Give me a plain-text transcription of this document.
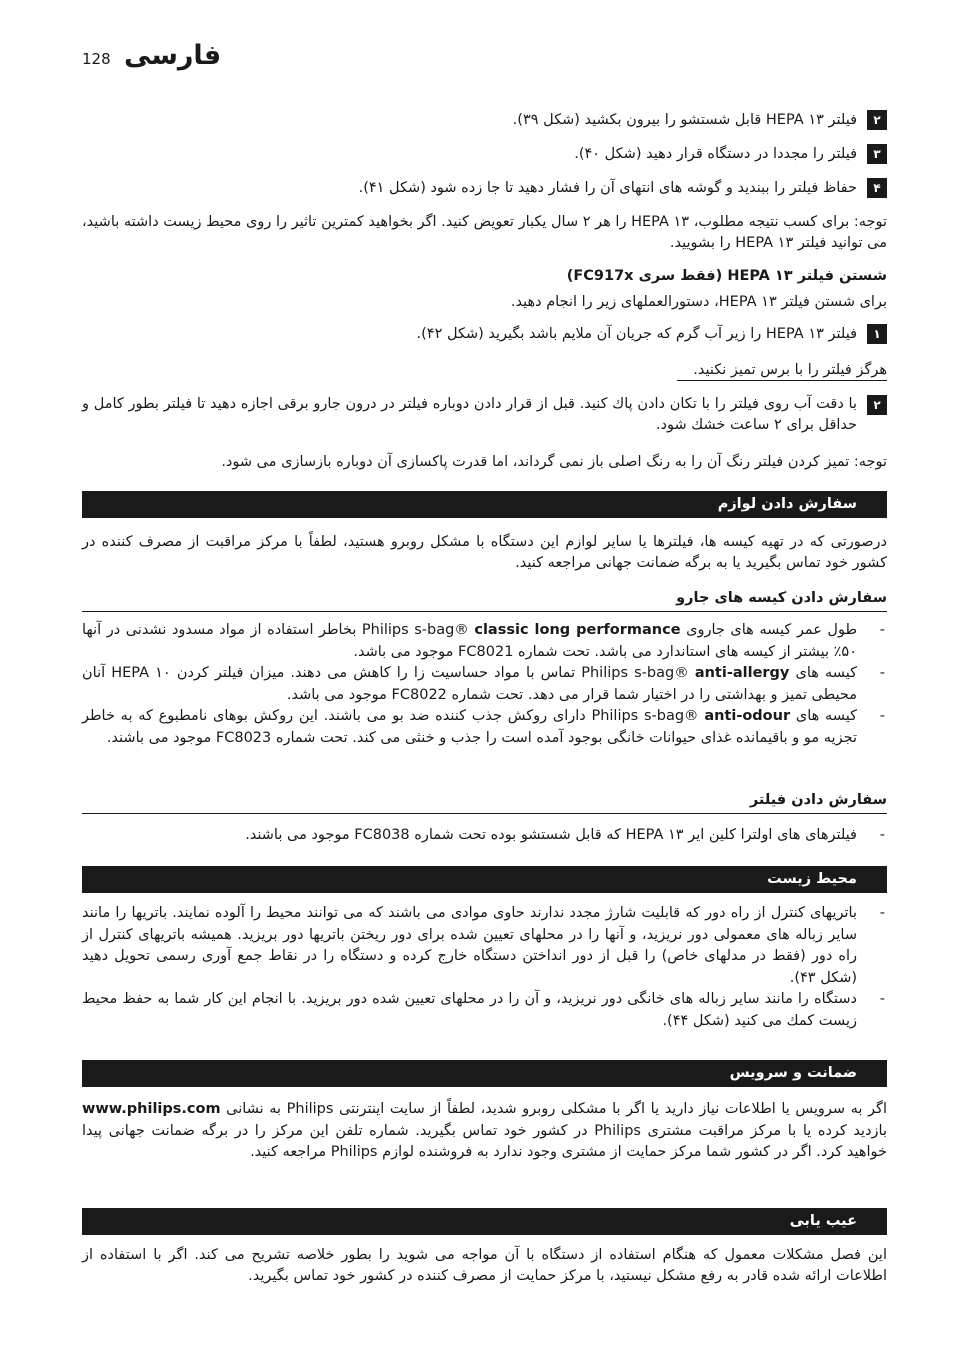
فارسی
128
۲
فیلتر HEPA ۱۳ قابل شستشو را بیرون بکشید (شکل ۳۹).
۳
فیلتر را مجددا در دستگاه قرار دهید (شکل ۴۰).
۴
حفاظ فیلتر را ببندید و گوشه های انتهای آن را فشار دهید تا جا زده شود (شکل ۴۱).
توجه: برای کسب نتیجه مطلوب، HEPA ۱۳ را هر ۲ سال یکبار تعویض کنید. اگر بخواهید کمترین تاثیر را روی محیط زیست داشته باشید، می توانید فیلتر HEPA ۱۳ را بشویید.
شستن فیلتر HEPA ۱۳ (فقط سری FC917x)
برای شستن فیلتر HEPA ۱۳، دستورالعملهای زیر را انجام دهید.
۱
فیلتر HEPA ۱۳ را زیر آب گرم که جریان آن ملایم باشد بگیرید (شکل ۴۲).
هرگز فیلتر را با برس تمیز نکنید.
۲
با دقت آب روی فیلتر را با تکان دادن پاك کنید. قبل از قرار دادن دوباره فیلتر در درون جارو برقی اجازه دهید تا فیلتر بطور کامل و حداقل برای ۲ ساعت خشك شود.
توجه: تمیز کردن فیلتر رنگ آن را به رنگ اصلی باز نمی گرداند، اما قدرت پاکسازی آن دوباره بازسازی می شود.
سفارش دادن لوازم
درصورتی که در تهیه کیسه ها، فیلترها یا سایر لوازم این دستگاه با مشکل روبرو هستید، لطفاً با مرکز مراقبت از مصرف کننده در کشور خود تماس بگیرید یا به برگه ضمانت جهانی مراجعه کنید.
سفارش دادن کیسه های جارو
-
طول عمر کیسه های جاروی classic long performance Philips s-bag® بخاطر استفاده از مواد مسدود نشدنی در آنها ۵۰٪ بیشتر از کیسه های استاندارد می باشد. تحت شماره FC8021 موجود می باشد.
-
کیسه های anti-allergy Philips s-bag® تماس با مواد حساسیت زا را کاهش می دهند. میزان فیلتر کردن HEPA ۱۰ آنان محیطی تمیز و بهداشتی را در اختیار شما قرار می دهد. تحت شماره FC8022 موجود می باشد.
-
کیسه های anti-odour Philips s-bag® دارای روکش جذب کننده ضد بو می باشند. این روکش بوهای نامطبوع که به خاطر تجزیه مو و باقیمانده غذای حیوانات خانگی بوجود آمده است را جذب و خنثی می کند. تحت شماره FC8023 موجود می باشند.
سفارش دادن فیلتر
-
فیلترهای های اولترا کلین ایر HEPA ۱۳ که قابل شستشو بوده تحت شماره FC8038 موجود می باشند.
محیط زیست
-
باتریهای کنترل از راه دور که قابلیت شارژ مجدد ندارند حاوی موادی می باشند که می توانند محیط را آلوده نمایند. باتریها را مانند سایر زباله های معمولی دور نریزید، و آنها را در محلهای تعیین شده برای دور ریختن باتریها دور بریزید. همیشه باتریهای کنترل از راه دور (فقط در مدلهای خاص) را قبل از دور انداختن دستگاه خارج کرده و دستگاه را در نقاط جمع آوری رسمی تحویل دهید (شکل ۴۳).
-
دستگاه را مانند سایر زباله های خانگی دور نریزید، و آن را در محلهای تعیین شده دور بریزید. با انجام این کار شما به حفظ محیط زیست کمك می کنید (شکل ۴۴).
ضمانت و سرویس
اگر به سرویس یا اطلاعات نیاز دارید یا اگر با مشکلی روبرو شدید، لطفاً از سایت اینترنتی Philips به نشانی www.philips.com بازدید کرده یا با مرکز مراقبت مشتری Philips در کشور خود تماس بگیرید. شماره تلفن این مرکز را در برگه ضمانت جهانی پیدا خواهید کرد. اگر در کشور شما مرکز حمایت از مشتری وجود ندارد به فروشنده لوازم Philips مراجعه کنید.
عیب یابی
این فصل مشکلات معمول که هنگام استفاده از دستگاه با آن مواجه می شوید را بطور خلاصه تشریح می کند. اگر با استفاده از اطلاعات ارائه شده قادر به رفع مشکل نیستید، با مرکز حمایت از مصرف کننده در کشور خود تماس بگیرید.
